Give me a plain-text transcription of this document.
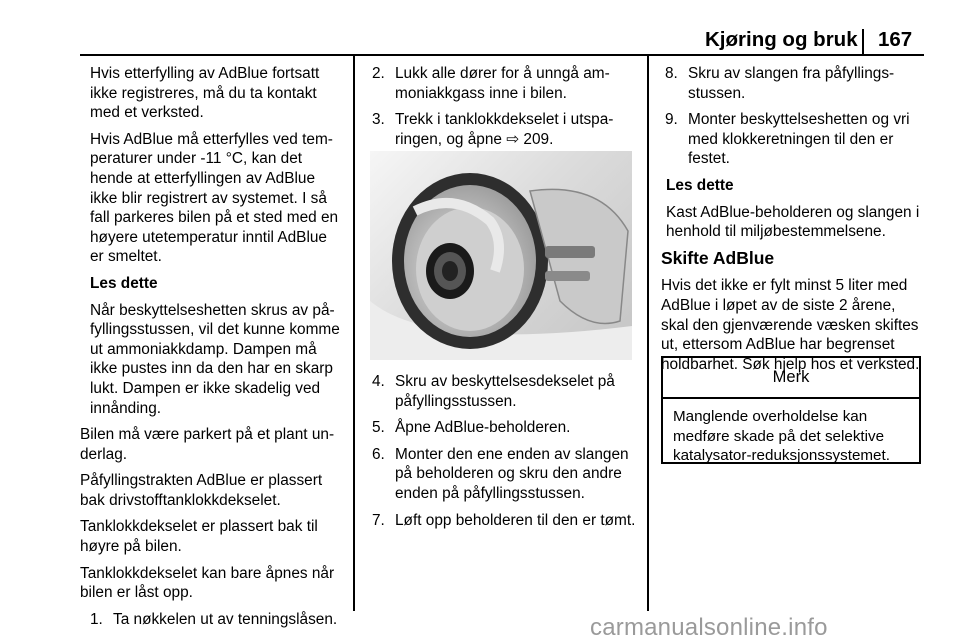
Kjøring og bruk 167

Hvis etterfylling av AdBlue fortsatt ikke registreres, må du ta kontakt med et verksted.

Hvis AdBlue må etterfylles ved temperaturer under -11 °C, kan det hende at etterfyllingen av AdBlue ikke blir registrert av systemet. I så fall parkeres bilen på et sted med en høyere utetemperatur inntil AdBlue er smeltet.

Les dette

Når beskyttelseshetten skrus av påfyllingsstussen, vil det kunne komme ut ammoniakkdamp. Dampen må ikke pustes inn da den har en skarp lukt. Dampen er ikke skadelig ved innånding.

Bilen må være parkert på et plant underlag.

Påfyllingstrakten AdBlue er plassert bak drivstofftanklokkdekselet.

Tanklokkdekselet er plassert bak til høyre på bilen.

Tanklokkdekselet kan bare åpnes når bilen er låst opp.

1. Ta nøkkelen ut av tenningslåsen.
2. Lukk alle dører for å unngå ammoniakkgass inne i bilen.
3. Trekk i tanklokkdekselet i utsparingen, og åpne ⇨ 209.
4. Skru av beskyttelsesdekselet på påfyllingsstussen.
5. Åpne AdBlue-beholderen.
6. Monter den ene enden av slangen på beholderen og skru den andre enden på påfyllingsstussen.
7. Løft opp beholderen til den er tømt.
8. Skru av slangen fra påfyllingsstussen.
9. Monter beskyttelseshetten og vri med klokkeretningen til den er festet.

Les dette

Kast AdBlue-beholderen og slangen i henhold til miljøbestemmelsene.

Skifte AdBlue

Hvis det ikke er fylt minst 5 liter med AdBlue i løpet av de siste 2 årene, skal den gjenværende væsken skiftes ut, ettersom AdBlue har begrenset holdbarhet. Søk hjelp hos et verksted.

Merk
Manglende overholdelse kan medføre skade på det selektive katalysator-reduksjonssystemet.
carmanualsonline.info
